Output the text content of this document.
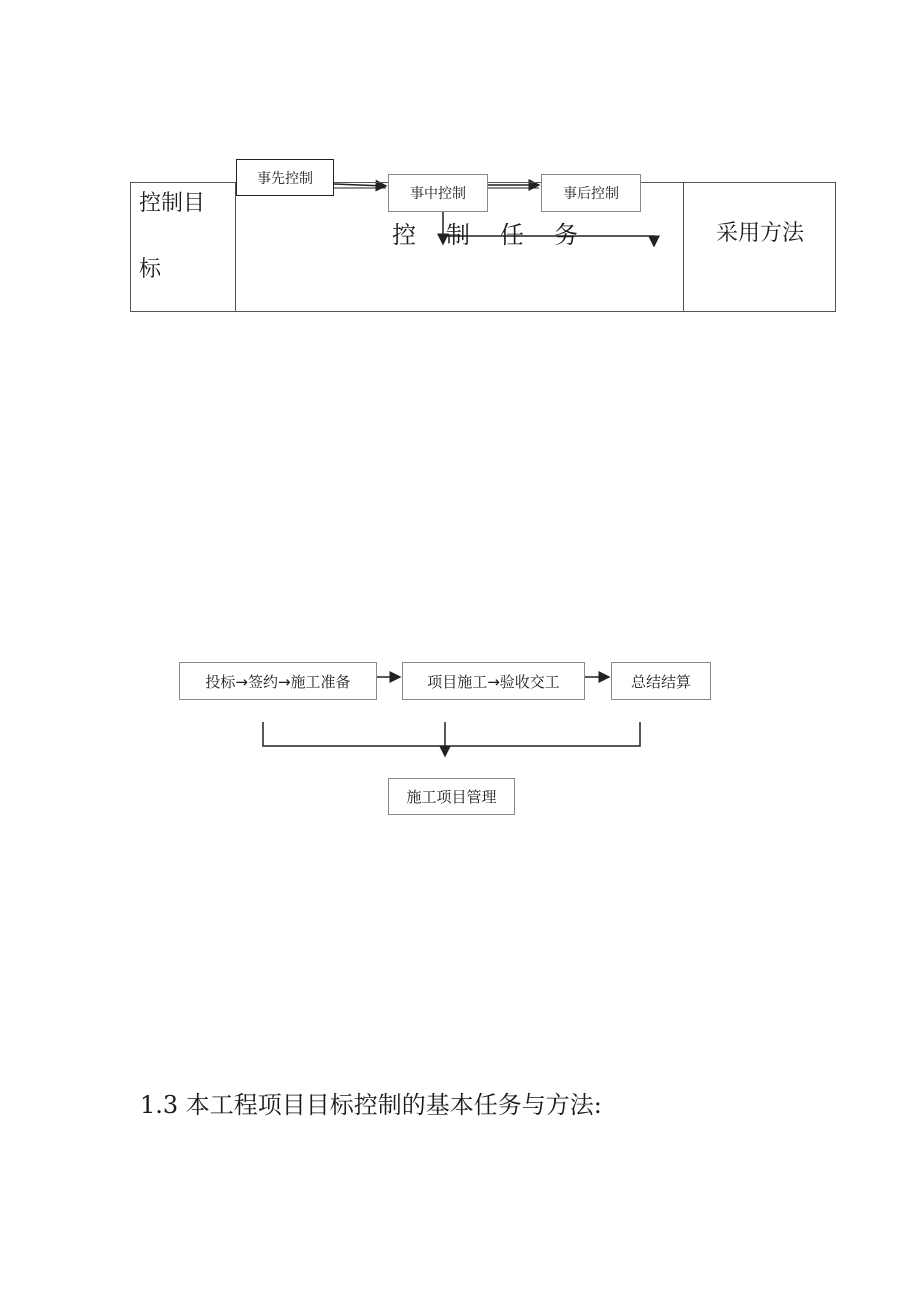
控制目
标
控制任务	采用方法
事先控制
事中控制	事后控制
投标→签约→施工准备	项目施工→验收交工	总结结算
施工项目管理
1.3 本工程项目目标控制的基本任务与方法:
